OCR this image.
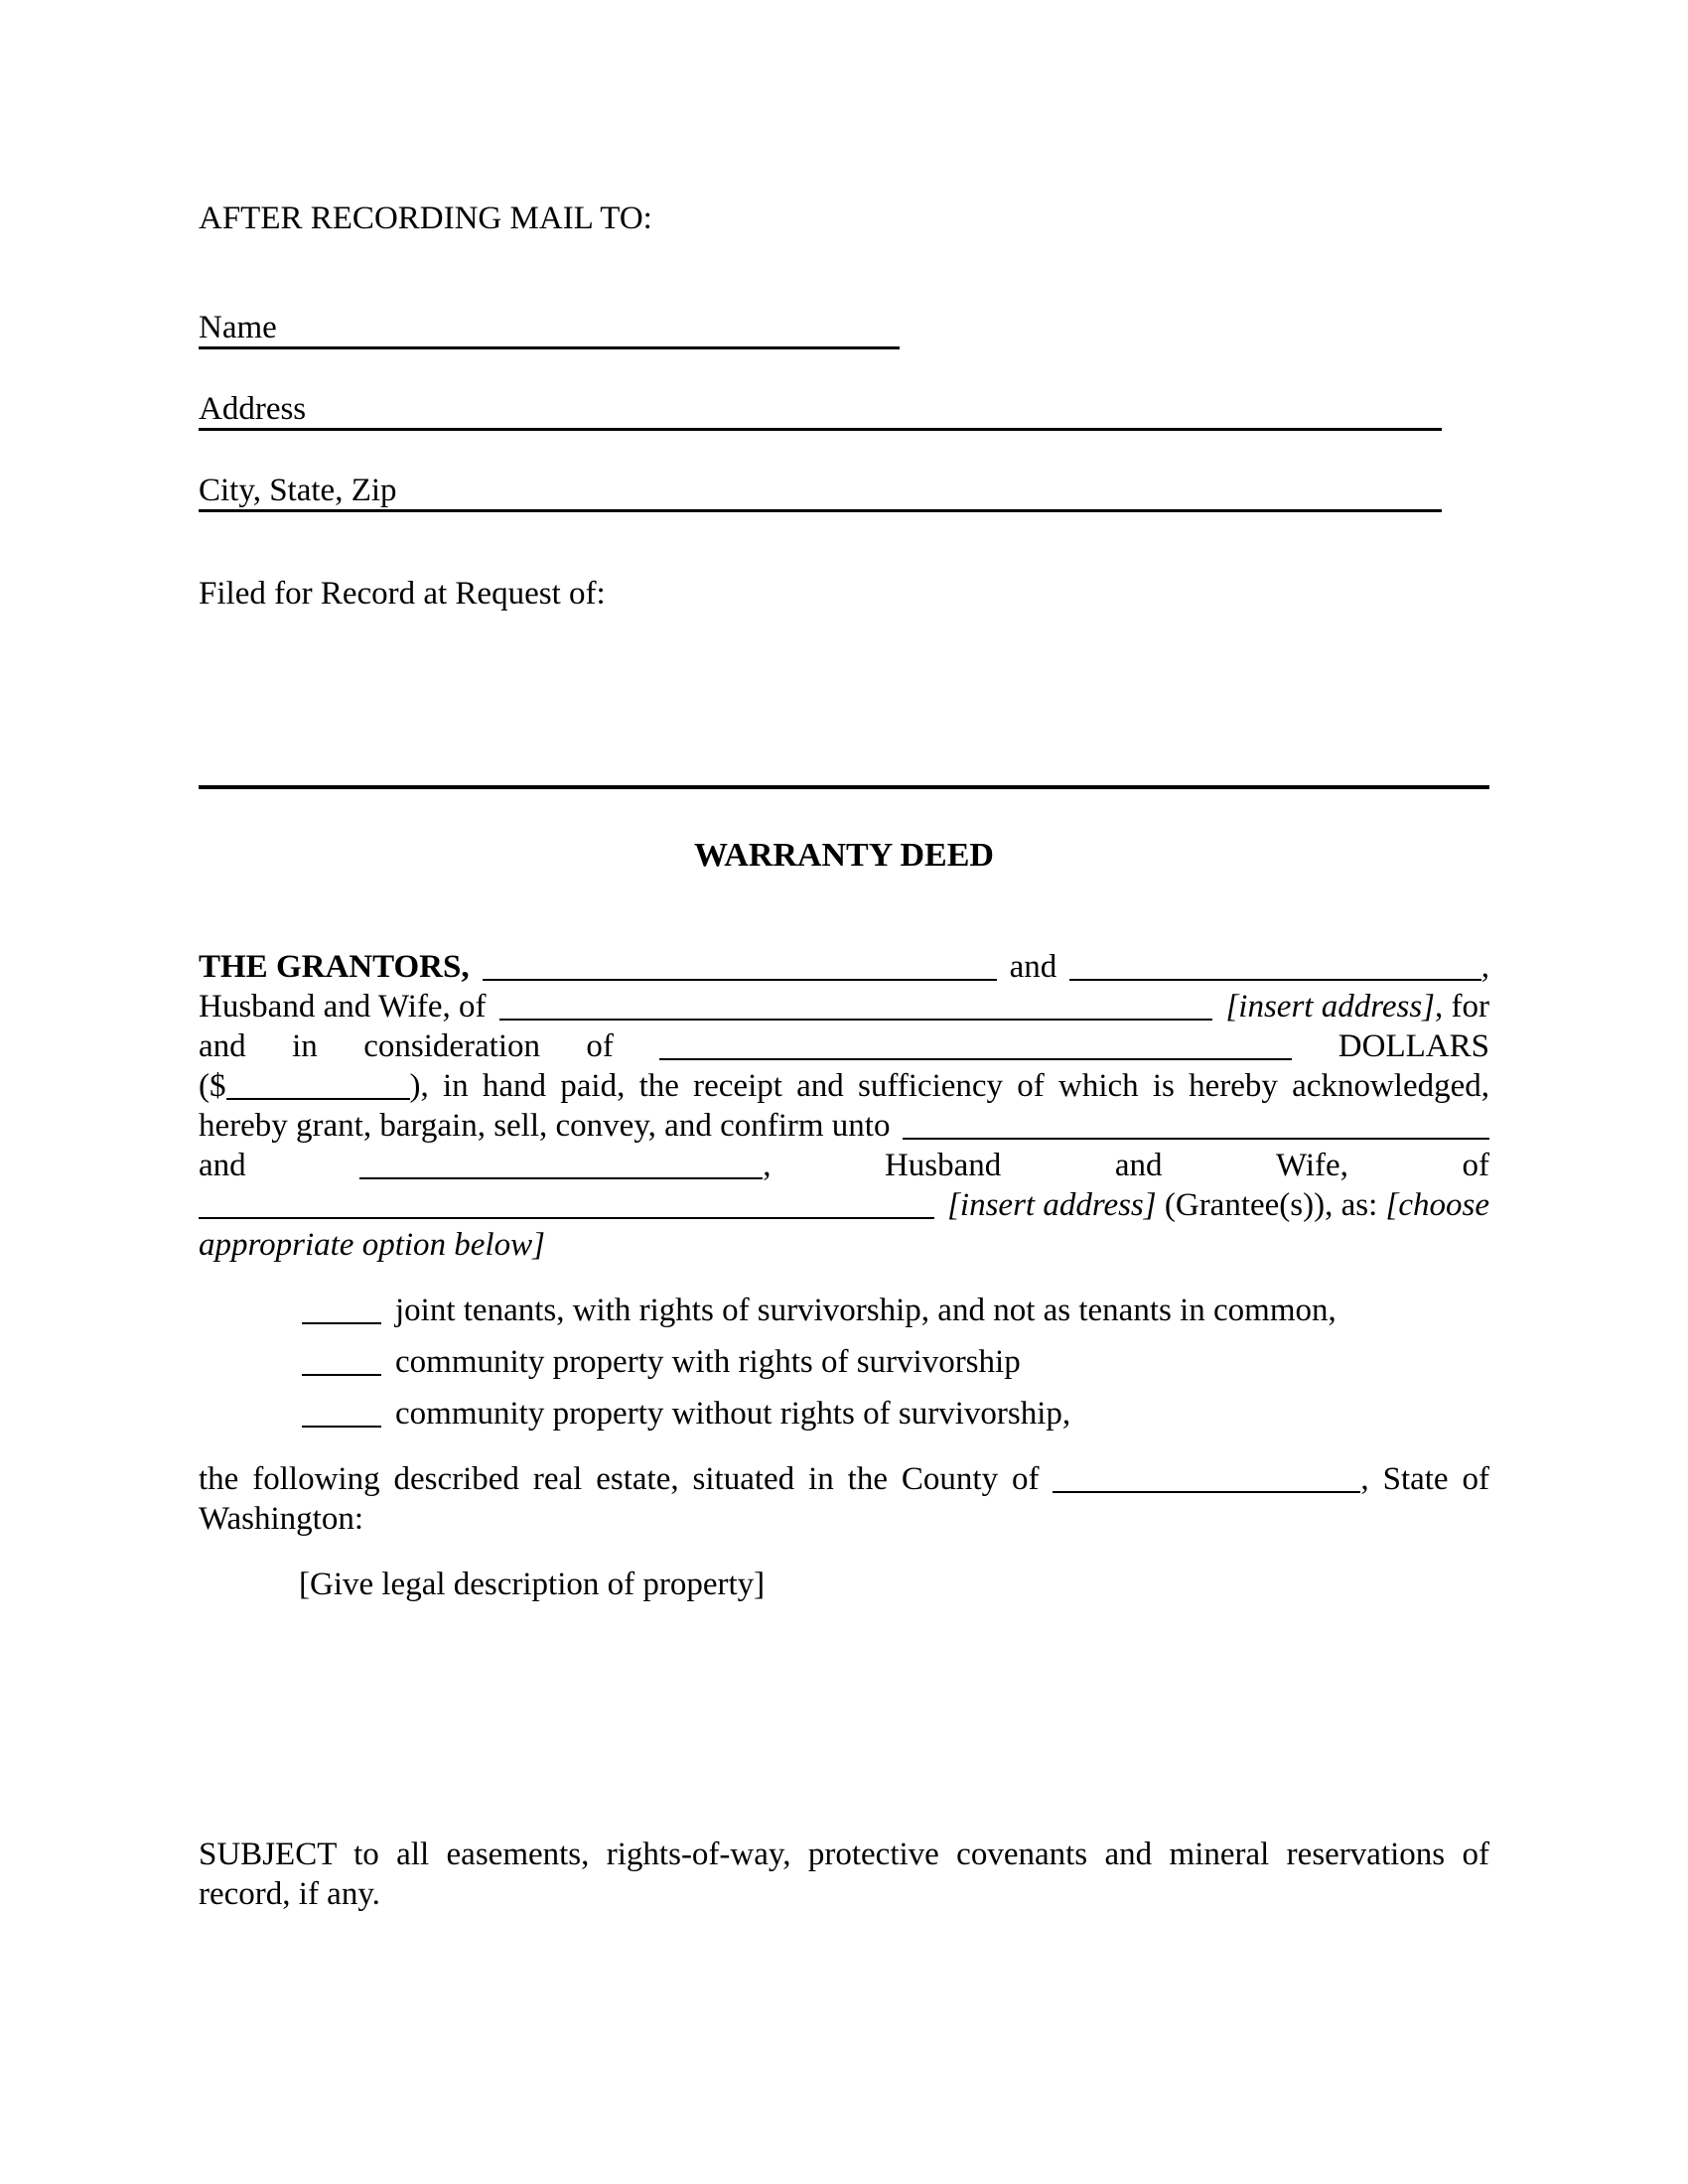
AFTER RECORDING MAIL TO:
Name
Address
City, State, Zip
Filed for Record at Request of:
WARRANTY DEED
THE GRANTORS,	and	,
Husband and Wife, of	[insert address], for
and in consideration of	DOLLARS
($	), in hand paid, the receipt and sufficiency of which is hereby acknowledged,
hereby grant, bargain, sell, convey, and confirm unto
and	,	Husband	and	Wife,	of
[insert address] (Grantee(s)), as: [choose
appropriate option below]
joint tenants, with rights of survivorship, and not as tenants in common,
community property with rights of survivorship
community property without rights of survivorship,
the following described real estate, situated in the County of	, State of
Washington:
[Give legal description of property]
SUBJECT to all easements, rights-of-way, protective covenants and mineral reservations of
record, if any.
